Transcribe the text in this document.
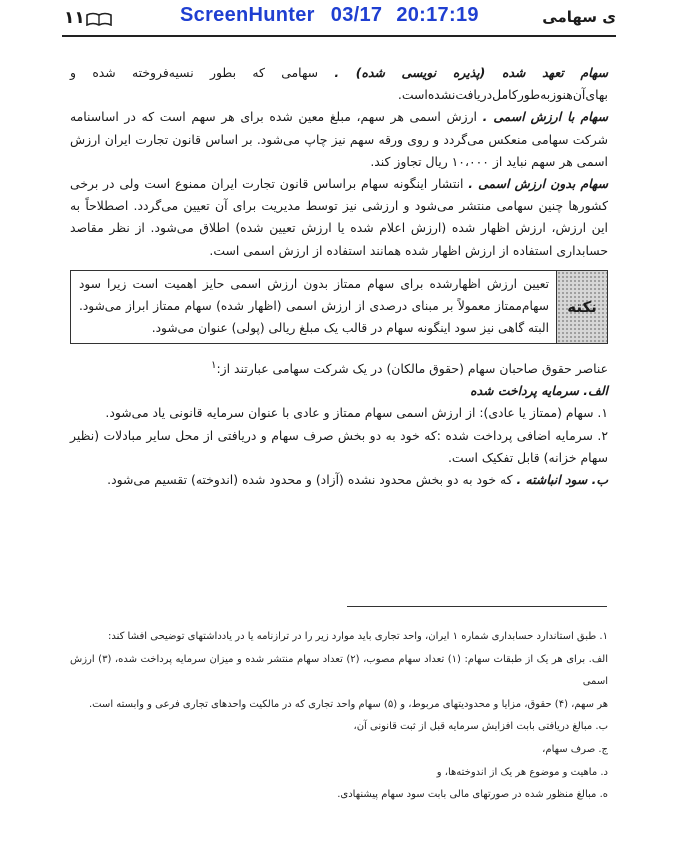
۱۱	ScreenHunter 03/17 20:17:19	ی سهامی

سهام تعهد شده (پذیره نویسی شده) . سهامی که بطور نسیه‌فروخته شده و بهای‌آن‌هنوز‌به‌طورکامل‌دریافت‌نشده‌است.

سهام با ارزش اسمی . ارزش اسمی هر سهم، مبلغ معین شده برای هر سهم است که در اساسنامه شرکت سهامی منعکس می‌گردد و روی ورقه سهم نیز چاپ می‌شود. بر اساس قانون تجارت ایران ارزش اسمی هر سهم نباید از ۱۰،۰۰۰ ریال تجاوز کند.

سهام بدون ارزش اسمی . انتشار اینگونه سهام براساس قانون تجارت ایران ممنوع است ولی در برخی کشورها چنین سهامی منتشر می‌شود و ارزشی نیز توسط مدیریت برای آن تعیین می‌گردد. اصطلاحاً به این ارزش، ارزش اظهار شده (ارزش اعلام شده یا ارزش تعیین شده) اطلاق می‌شود. از نظر مقاصد حسابداری استفاده از ارزش اظهار شده همانند استفاده از ارزش اسمی است.

نکته
تعیین ارزش اظهارشده برای سهام ممتاز بدون ارزش اسمی حایز اهمیت است زیرا سود سهام‌ممتاز معمولاً بر مبنای درصدی از ارزش اسمی (اظهار شده) سهام ممتاز ابراز می‌شود. البته گاهی نیز سود اینگونه سهام در قالب یک مبلغ ریالی (پولی) عنوان می‌شود.

عناصر حقوق صاحبان سهام (حقوق مالکان) در یک شرکت سهامی عبارتند از:$^۱$

الف. سرمایه پرداخت شده

۱. سهام (ممتاز یا عادی): از ارزش اسمی سهام ممتاز و عادی با عنوان سرمایه قانونی یاد می‌شود.

۲. سرمایه اضافی پرداخت شده :که خود به دو بخش صرف سهام و دریافتی از محل سایر مبادلات (نظیر سهام خزانه) قابل تفکیک است.

ب. سود انباشته . که خود به دو بخش محدود نشده (آزاد) و محدود شده (اندوخته) تقسیم می‌شود.

۱. طبق استاندارد حسابداری شماره ۱ ایران، واحد تجاری باید موارد زیر را در ترازنامه یا در یادداشتهای توضیحی افشا کند:

الف. برای هر یک از طبقات سهام: (۱) تعداد سهام مصوب، (۲) تعداد سهام منتشر شده و میزان سرمایه پرداخت شده، (۳) ارزش اسمی

هر سهم، (۴) حقوق، مزایا و محدودیتهای مربوط، و (۵) سهام واحد تجاری که در مالکیت واحدهای تجاری فرعی و وابسته است.

ب. مبالغ دریافتی بابت افزایش سرمایه قبل از ثبت قانونی آن،

ج. صرف سهام،

د. ماهیت و موضوع هر یک از اندوخته‌ها، و

ه. مبالغ منظور شده در صورتهای مالی بابت سود سهام پیشنهادی.
